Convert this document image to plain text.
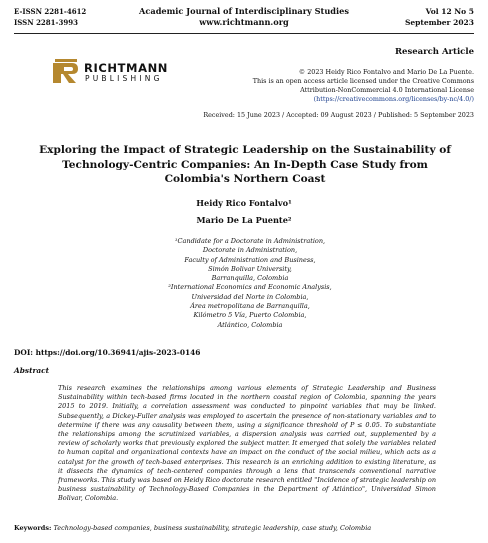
E-ISSN 2281-4612
ISSN 2281-3993
Academic Journal of Interdisciplinary Studies
www.richtmann.org
Vol 12 No 5
September 2023
Research Article
RICHTMANN
PUBLISHING
© 2023 Heidy Rico Fontalvo and Mario De La Puente.
This is an open access article licensed under the Creative Commons
Attribution-NonCommercial 4.0 International License
(https://creativecommons.org/licenses/by-nc/4.0/)
Received: 15 June 2023 / Accepted: 09 August 2023 / Published: 5 September 2023
Exploring the Impact of Strategic Leadership on the Sustainability of Technology-Centric Companies: An In-Depth Case Study from Colombia's Northern Coast
Heidy Rico Fontalvo¹
Mario De La Puente²
¹Candidate for a Doctorate in Administration,
Doctorate in Administration,
Faculty of Administration and Business,
Simón Bolivar University,
Barranquilla, Colombia
²International Economics and Economic Analysis,
Universidad del Norte in Colombia,
Área metropolitana de Barranquilla,
Kilómetro 5 Vía, Puerto Colombia,
Atlántico, Colombia
DOI: https://doi.org/10.36941/ajis-2023-0146
Abstract
This research examines the relationships among various elements of Strategic Leadership and Business Sustainability within tech-based firms located in the northern coastal region of Colombia, spanning the years 2015 to 2019. Initially, a correlation assessment was conducted to pinpoint variables that may be linked. Subsequently, a Dickey-Fuller analysis was employed to ascertain the presence of non-stationary variables and to determine if there was any causality between them, using a significance threshold of P ≤ 0.05. To substantiate the relationships among the scrutinized variables, a dispersion analysis was carried out, supplemented by a review of scholarly works that previously explored the subject matter. It emerged that solely the variables related to human capital and organizational contexts have an impact on the conduct of the social milieu, which acts as a catalyst for the growth of tech-based enterprises. This research is an enriching addition to existing literature, as it dissects the dynamics of tech-centered companies through a lens that transcends conventional narrative frameworks. This study was based on Heidy Rico doctorate research entitled "Incidence of strategic leadership on business sustainability of Technology-Based Companies in the Department of Atlántico", Universidad Simon Bolivar, Colombia.
Keywords: Technology-based companies, business sustainability, strategic leadership, case study, Colombia
